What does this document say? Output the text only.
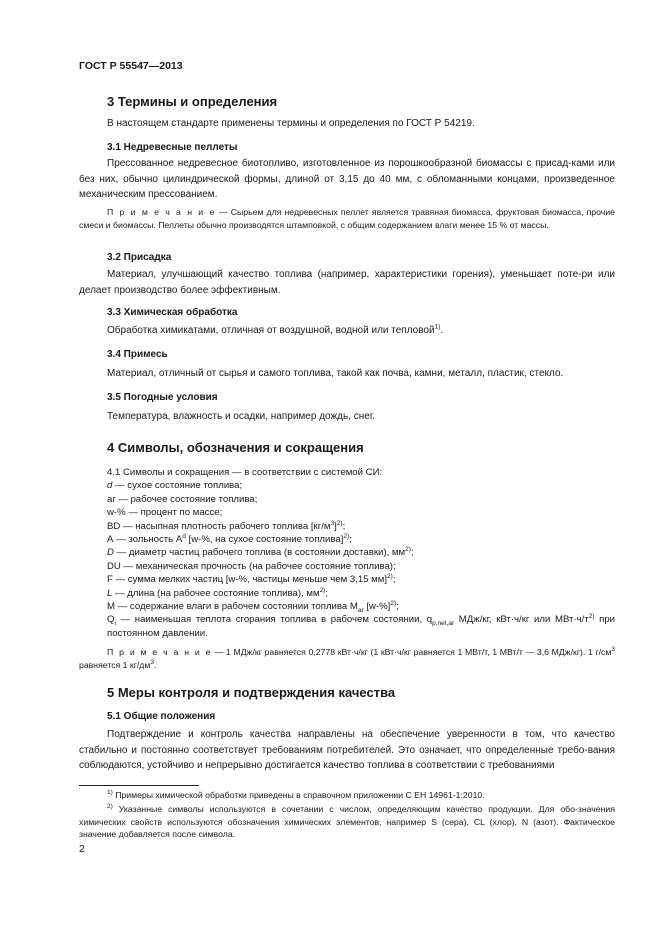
ГОСТ Р 55547—2013
3 Термины и определения
В настоящем стандарте применены термины и определения по ГОСТ Р 54219.
3.1 Недревесные пеллеты
Прессованное недревесное биотопливо, изготовленное из порошкообразной биомассы с присад-ками или без них, обычно цилиндрической формы, длиной от 3,15 до 40 мм, с обломанными концами, произведенное механическим прессованием.
П р и м е ч а н и е — Сырьем для недревесных пеллет является травяная биомасса, фруктовая биомасса, прочие смеси и биомассы. Пеллеты обычно производятся штамповкой, с общим содержанием влаги менее 15 % от массы.
3.2 Присадка
Материал, улучшающий качество топлива (например, характеристики горения), уменьшает поте-ри или делает производство более эффективным.
3.3 Химическая обработка
Обработка химикатами, отличная от воздушной, водной или тепловой$^{1)}$.
3.4 Примесь
Материал, отличный от сырья и самого топлива, такой как почва, камни, металл, пластик, стекло.
3.5 Погодные условия
Температура, влажность и осадки, например дождь, снег.
4 Символы, обозначения и сокращения
4.1 Символы и сокращения — в соответствии с системой СИ:
d — сухое состояние топлива;
ar — рабочее состояние топлива;
w-% — процент по массе;
BD — насыпная плотность рабочего топлива $[кг/м^3]^{2)}$;
А — зольность $А^d$ [w-%, на сухое состояние топлива]$^{2)}$;
D — диаметр частиц рабочего топлива (в состоянии доставки), $мм^{2)}$;
DU — механическая прочность (на рабочее состояние топлива);
F — сумма мелких частиц [w-%, частицы меньше чем 3,15 мм]$^{2)}$;
L — длина (на рабочее состояние топлива), $мм^{2)}$;
М — содержание влаги в рабочем состоянии топлива $М_{ar}$ $[w-\%]^{2)}$;
$Q_i$ — наименьшая теплота сгорания топлива в рабочем состоянии, $q_{p,net,ar}$ МДж/кг, кВт·ч/кг или $МВт\cdot ч/т^{2)}$ при постоянном давлении.
П р и м е ч а н и е — 1 МДж/кг равняется 0,2778 кВт·ч/кг (1 кВт·ч/кг равняется 1 МВт/т, 1 МВт/т — 3,6 МДж/кг). 1 $г/см^3$ равняется 1 $кг/дм^3$.
5 Меры контроля и подтверждения качества
5.1 Общие положения
Подтверждение и контроль качества направлены на обеспечение уверенности в том, что качество стабильно и постоянно соответствует требованиям потребителей. Это означает, что определенные требо-вания соблюдаются, устойчиво и непрерывно достигается качество топлива в соответствии с требованиями
$^{1)}$ Примеры химической обработки приведены в справочном приложении С ЕН 14961-1:2010.
$^{2)}$ Указанные символы используются в сочетании с числом, определяющим качество продукции. Для обо-значения химических свойств используются обозначения химических элементов, например S (сера), CL (хлор), N (азот). Фактическое значение добавляется после символа.
2
